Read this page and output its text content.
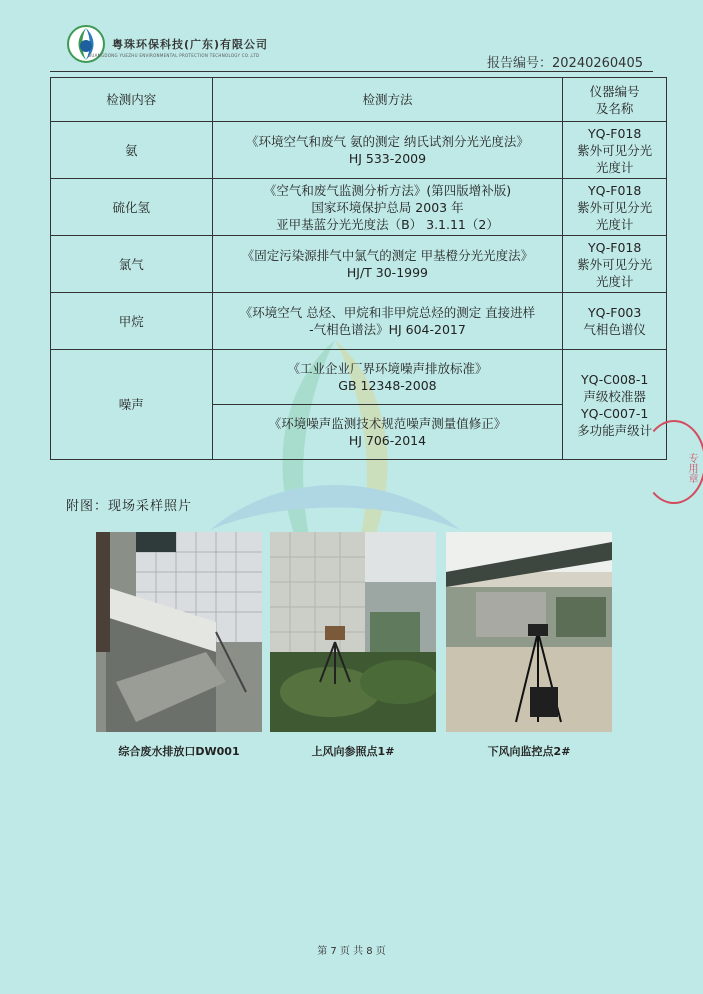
粤珠环保科技(广东)有限公司
GUANGDONG YUEZHU ENVIRONMENTAL PROTECTION TECHNOLOGY CO.,LTD
报告编号：20240260405
检测内容	检测方法	仪器编号
及名称

氨	《环境空气和废气 氨的测定 纳氏试剂分光光度法》
HJ 533-2009	YQ-F018
紫外可见分光
光度计

硫化氢	《空气和废气监测分析方法》(第四版增补版)
国家环境保护总局 2003 年
亚甲基蓝分光光度法（B） 3.1.11（2）	YQ-F018
紫外可见分光
光度计

氯气	《固定污染源排气中氯气的测定 甲基橙分光光度法》
HJ/T 30-1999	YQ-F018
紫外可见分光
光度计

甲烷	《环境空气 总烃、甲烷和非甲烷总烃的测定 直接进样
-气相色谱法》HJ 604-2017	YQ-F003
气相色谱仪

噪声	《工业企业厂界环境噪声排放标准》
GB 12348-2008	YQ-C008-1
声级校准器
YQ-C007-1
多功能声级计

	《环境噪声监测技术规范噪声测量值修正》
HJ 706-2014	
专用章
附图：现场采样照片
综合废水排放口DW001	上风向参照点1#	下风向监控点2#
第 7 页 共 8 页
